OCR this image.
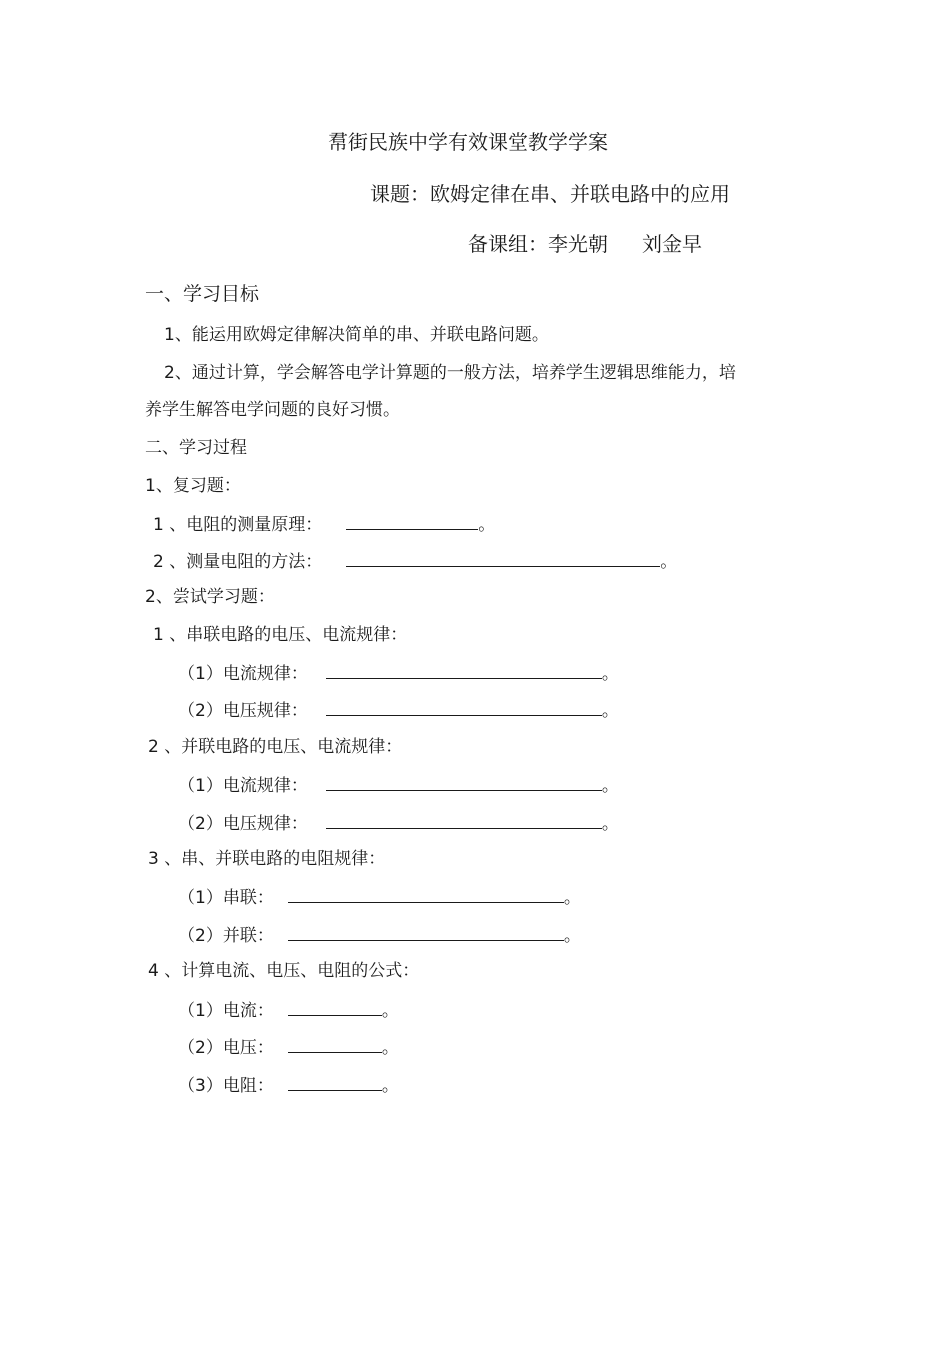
帬街民族中学有效课堂教学学案
课题：欧姆定律在串、并联电路中的应用
备课组：李光朝 刘金早
一、学习目标
1、能运用欧姆定律解决简单的串、并联电路问题。
2、通过计算，学会解答电学计算题的一般方法，培养学生逻辑思维能力，培
养学生解答电学问题的良好习惯。
二、学习过程
1、复习题：
1 、电阻的测量原理：	。
2 、测量电阻的方法：	。
2、尝试学习题：
1 、串联电路的电压、电流规律：
（1）电流规律：	。
（2）电压规律：	。
2 、并联电路的电压、电流规律：
（1）电流规律：	。
（2）电压规律：	。
3 、串、并联电路的电阻规律：
（1）串联：	。
（2）并联：	。
4 、计算电流、电压、电阻的公式：
（1）电流：	。
（2）电压：	。
（3）电阻：	。
